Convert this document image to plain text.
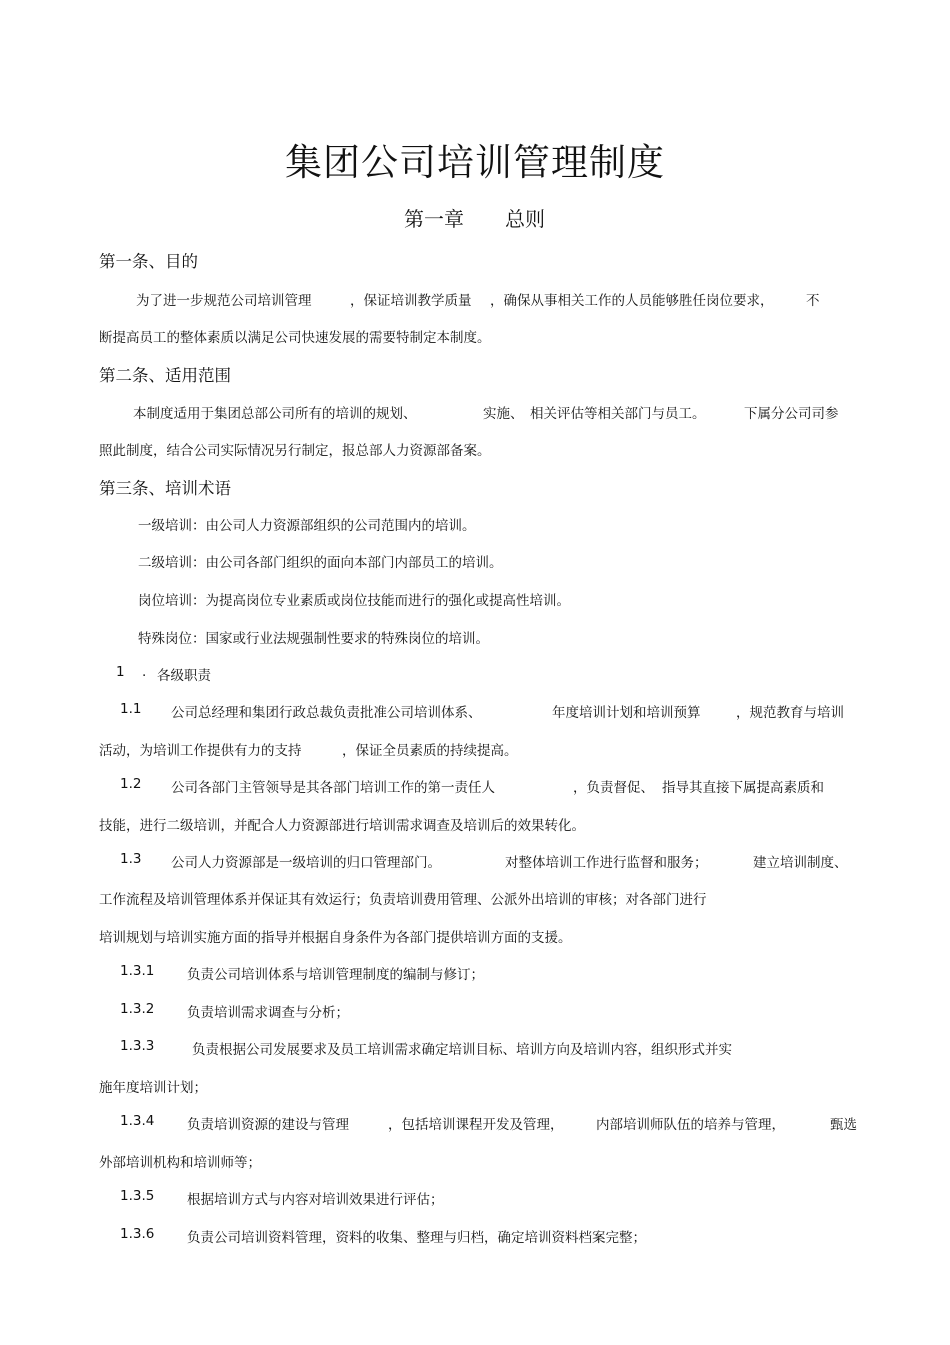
集团公司培训管理制度
第一章 总则
第一条、目的
为了进一步规范公司培训管理	，保证培训教学质量 ，确保从事相关工作的人员能够胜任岗位要求， 不
断提高员工的整体素质以满足公司快速发展的需要特制定本制度。
第二条、适用范围
本制度适用于集团总部公司所有的培训的规划、	实施、 相关评估等相关部门与员工。	下属分公司司参
照此制度，结合公司实际情况另行制定，报总部人力资源部备案。
第三条、培训术语
一级培训：由公司人力资源部组织的公司范围内的培训。
二级培训：由公司各部门组织的面向本部门内部员工的培训。
岗位培训：为提高岗位专业素质或岗位技能而进行的强化或提高性培训。
特殊岗位：国家或行业法规强制性要求的特殊岗位的培训。
1 . 各级职责
1.1 公司总经理和集团行政总裁负责批准公司培训体系、	年度培训计划和培训预算	，规范教育与培训
活动，为培训工作提供有力的支持	，保证全员素质的持续提高。
1.2 公司各部门主管领导是其各部门培训工作的第一责任人	，负责督促、 指导其直接下属提高素质和
技能，进行二级培训，并配合人力资源部进行培训需求调查及培训后的效果转化。
1.3 公司人力资源部是一级培训的归口管理部门。	对整体培训工作进行监督和服务；	建立培训制度、
工作流程及培训管理体系并保证其有效运行；负责培训费用管理、公派外出培训的审核；对各部门进行
培训规划与培训实施方面的指导并根据自身条件为各部门提供培训方面的支援。
1.3.1 负责公司培训体系与培训管理制度的编制与修订；
1.3.2 负责培训需求调查与分析；
1.3.3	负责根据公司发展要求及员工培训需求确定培训目标、培训方向及培训内容，组织形式并实
施年度培训计划；
1.3.4 负责培训资源的建设与管理	，包括培训课程开发及管理， 内部培训师队伍的培养与管理，	甄选
外部培训机构和培训师等；
1.3.5 根据培训方式与内容对培训效果进行评估；
1.3.6 负责公司培训资料管理，资料的收集、整理与归档，确定培训资料档案完整；
